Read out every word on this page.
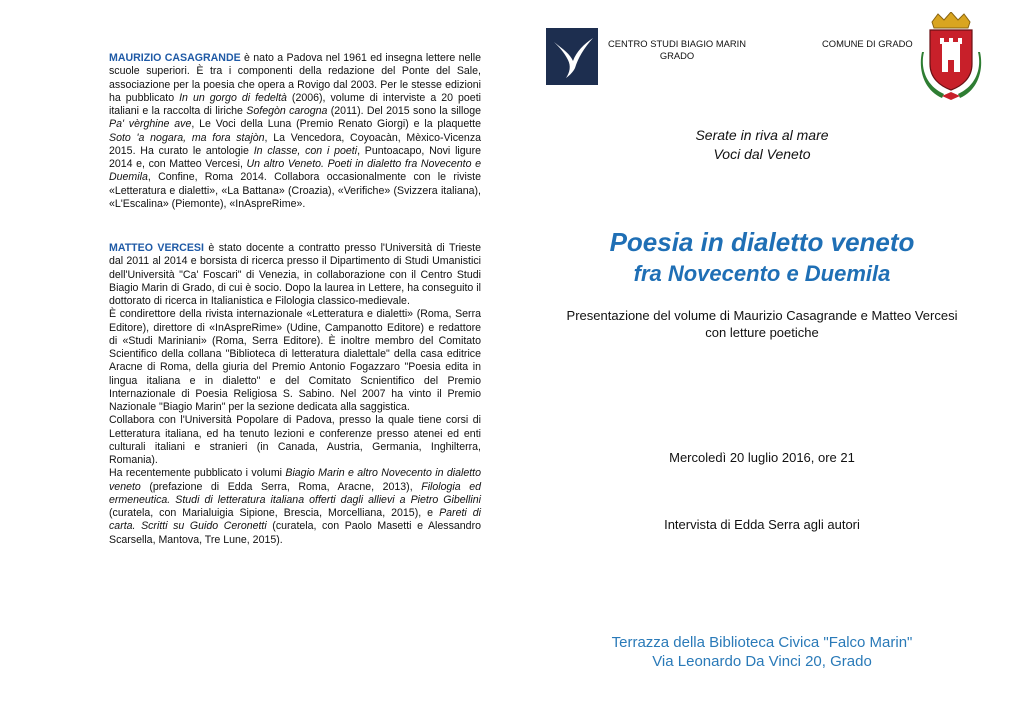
MAURIZIO CASAGRANDE è nato a Padova nel 1961 ed insegna lettere nelle scuole superiori. È tra i componenti della redazione del Ponte del Sale, associazione per la poesia che opera a Rovigo dal 2003. Per le stesse edizioni ha pubblicato In un gorgo di fedeltà (2006), volume di interviste a 20 poeti italiani e la raccolta di liriche Sofegòn carogna (2011). Del 2015 sono la silloge Pa' vèrghine ave, Le Voci della Luna (Premio Renato Giorgi) e la plaquette Soto 'a nogara, ma fora stajòn, La Vencedora, Coyoacàn, Mèxico-Vicenza 2015. Ha curato le antologie In classe, con i poeti, Puntoacapo, Novi ligure 2014 e, con Matteo Vercesi, Un altro Veneto. Poeti in dialetto fra Novecento e Duemila, Confine, Roma 2014. Collabora occasionalmente con le riviste «Letteratura e dialetti», «La Battana» (Croazia), «Verifiche» (Svizzera italiana), «L'Escalina» (Piemonte), «InAspreRime».

MATTEO VERCESI è stato docente a contratto presso l'Università di Trieste dal 2011 al 2014 e borsista di ricerca presso il Dipartimento di Studi Umanistici dell'Università "Ca' Foscari" di Venezia, in collaborazione con il Centro Studi Biagio Marin di Grado, di cui è socio. Dopo la laurea in Lettere, ha conseguito il dottorato di ricerca in Italianistica e Filologia classico-medievale.

È condirettore della rivista internazionale «Letteratura e dialetti» (Roma, Serra Editore), direttore di «InAspreRime» (Udine, Campanotto Editore) e redattore di «Studi Mariniani» (Roma, Serra Editore). È inoltre membro del Comitato Scientifico della collana "Biblioteca di letteratura dialettale" della casa editrice Aracne di Roma, della giuria del Premio Antonio Fogazzaro "Poesia edita in lingua italiana e in dialetto" e del Comitato Scnientifico del Premio Internazionale di Poesia Religiosa S. Sabino. Nel 2007 ha vinto il Premio Nazionale "Biagio Marin" per la sezione dedicata alla saggistica.

Collabora con l'Università Popolare di Padova, presso la quale tiene corsi di Letteratura italiana, ed ha tenuto lezioni e conferenze presso atenei ed enti culturali italiani e stranieri (in Canada, Austria, Germania, Inghilterra, Romania).

Ha recentemente pubblicato i volumi Biagio Marin e altro Novecento in dialetto veneto (prefazione di Edda Serra, Roma, Aracne, 2013), Filologia ed ermeneutica. Studi di letteratura italiana offerti dagli allievi a Pietro Gibellini (curatela, con Marialuigia Sipione, Brescia, Morcelliana, 2015), e Pareti di carta. Scritti su Guido Ceronetti (curatela, con Paolo Masetti e Alessandro Scarsella, Mantova, Tre Lune, 2015).

CENTRO STUDI BIAGIO MARIN
GRADO
COMUNE DI GRADO
Serate in riva al mare
Voci dal Veneto
Poesia in dialetto veneto
fra Novecento e Duemila
Presentazione del volume di Maurizio Casagrande e Matteo Vercesi
con letture poetiche
Mercoledì 20 luglio 2016, ore 21
Intervista di Edda Serra agli autori
Terrazza della Biblioteca Civica "Falco Marin"
Via Leonardo Da Vinci 20, Grado
